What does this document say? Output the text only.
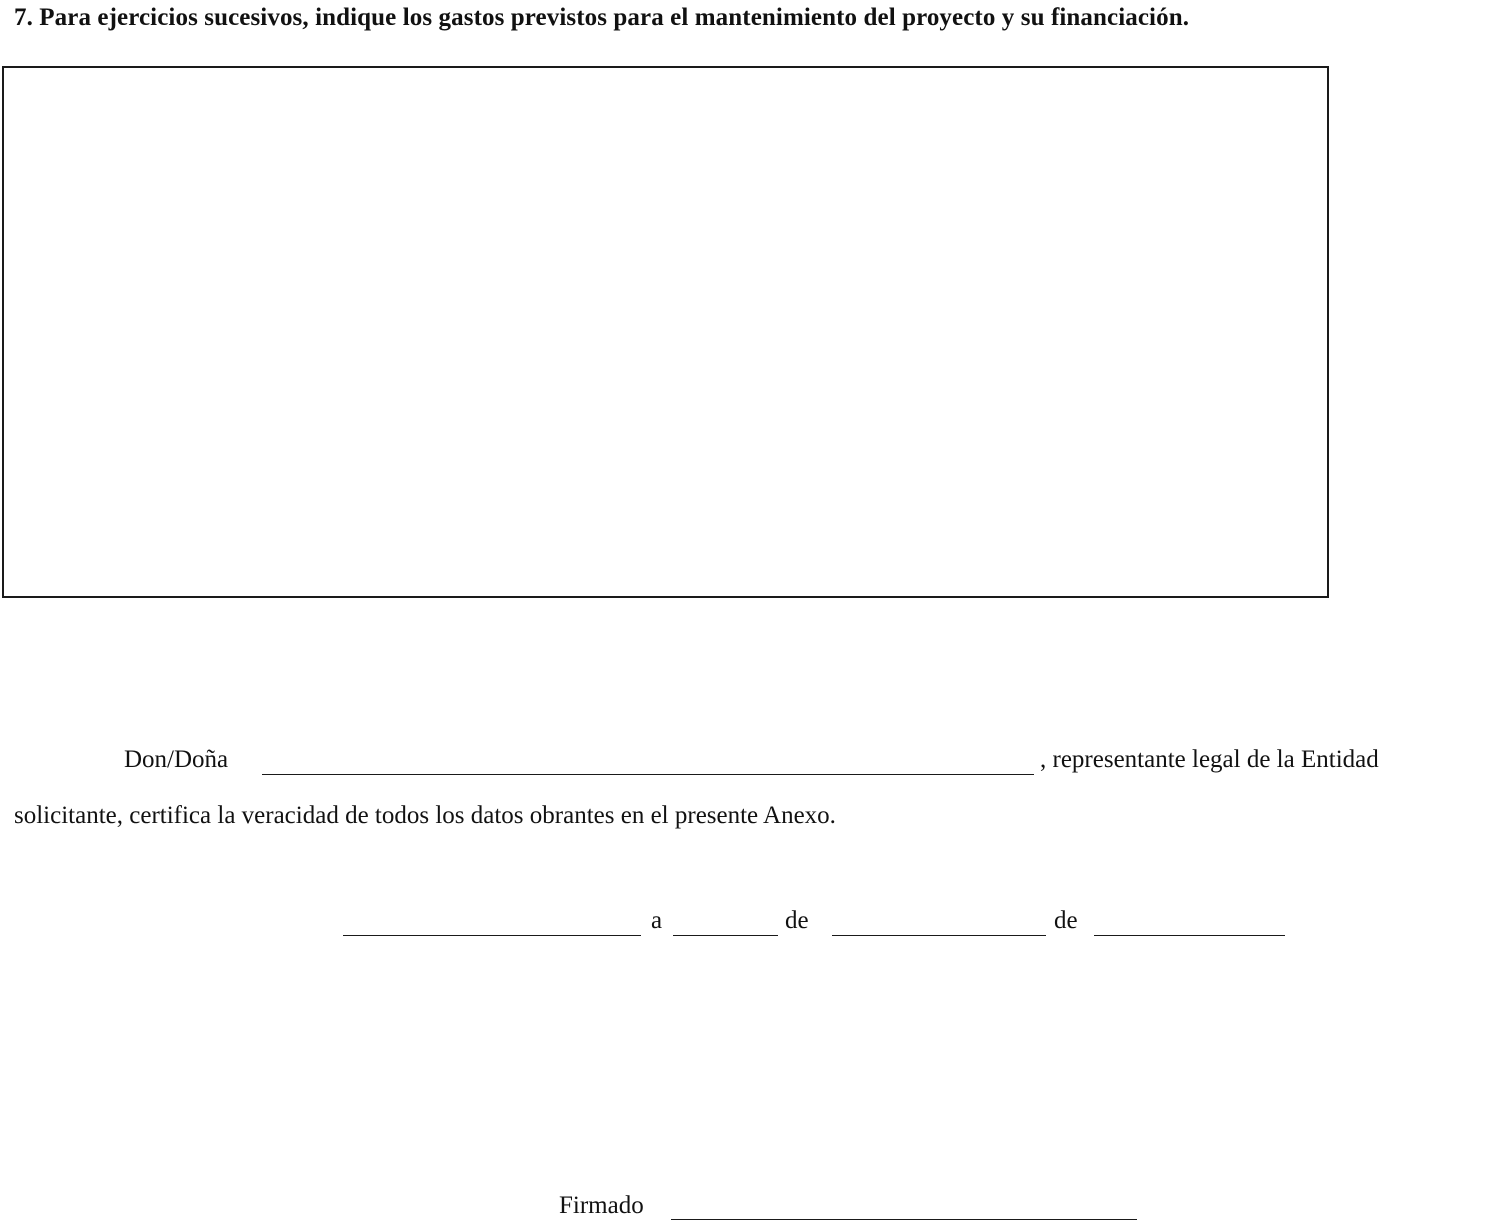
7. Para ejercicios sucesivos, indique los gastos previstos para el mantenimiento del proyecto y su financiación.
Don/Doña	, representante legal de la Entidad
solicitante, certifica la veracidad de todos los datos obrantes en el presente Anexo.
a	de	de
Firmado
